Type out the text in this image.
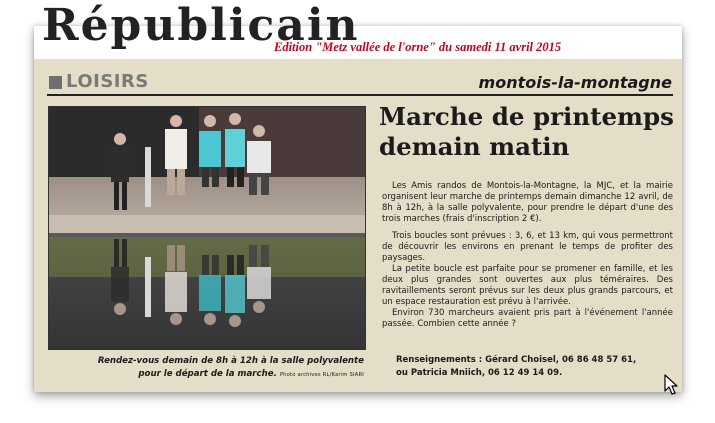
Républicain
Edition "Metz vallée de l'orne" du samedi 11 avril 2015
LOISIRS	montois-la-montagne
Rendez-vous demain de 8h à 12h à la salle polyvalente
pour le départ de la marche. Photo archives RL/Karim SIARI
Marche de printemps
demain matin

Les Amis randos de Montois-la-Montagne, la MJC, et la mairie organisent leur marche de printemps demain dimanche 12 avril, de 8h à 12h, à la salle polyvalente, pour prendre le départ d'une des trois marches (frais d'inscription 2 €).

Trois boucles sont prévues : 3, 6, et 13 km, qui vous permettront de découvrir les environs en prenant le temps de profiter des paysages.

La petite boucle est parfaite pour se promener en famille, et les deux plus grandes sont ouvertes aux plus téméraires. Des ravitaillements seront prévus sur les deux plus grands parcours, et un espace restauration est prévu à l'arrivée.

Environ 730 marcheurs avaient pris part à l'événement l'année passée. Combien cette année ?

Renseignements : Gérard Choisel, 06 86 48 57 61,
ou Patricia Mniich, 06 12 49 14 09.
